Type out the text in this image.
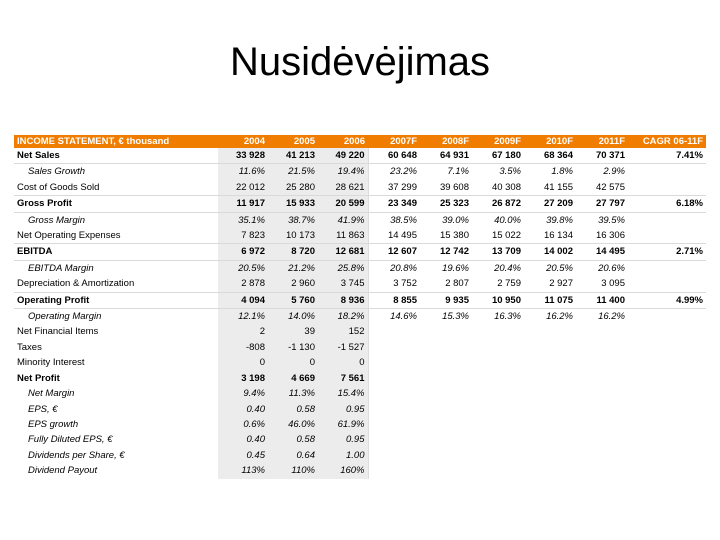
Nusidėvėjimas
INCOME STATEMENT, € thousand	2004	2005	2006	2007F	2008F	2009F	2010F	2011F	CAGR 06-11F
Net Sales	33 928	41 213	49 220	60 648	64 931	67 180	68 364	70 371	7.41%
Sales Growth	11.6%	21.5%	19.4%	23.2%	7.1%	3.5%	1.8%	2.9%	
Cost of Goods Sold	22 012	25 280	28 621	37 299	39 608	40 308	41 155	42 575	
Gross Profit	11 917	15 933	20 599	23 349	25 323	26 872	27 209	27 797	6.18%
Gross Margin	35.1%	38.7%	41.9%	38.5%	39.0%	40.0%	39.8%	39.5%	
Net Operating Expenses	7 823	10 173	11 863	14 495	15 380	15 022	16 134	16 306	
EBITDA	6 972	8 720	12 681	12 607	12 742	13 709	14 002	14 495	2.71%
EBITDA Margin	20.5%	21.2%	25.8%	20.8%	19.6%	20.4%	20.5%	20.6%	
Depreciation & Amortization	2 878	2 960	3 745	3 752	2 807	2 759	2 927	3 095	
Operating Profit	4 094	5 760	8 936	8 855	9 935	10 950	11 075	11 400	4.99%
Operating Margin	12.1%	14.0%	18.2%	14.6%	15.3%	16.3%	16.2%	16.2%	
Net Financial Items	2	39	152						
Taxes	-808	-1 130	-1 527						
Minority Interest	0	0	0						
Net Profit	3 198	4 669	7 561						
Net Margin	9.4%	11.3%	15.4%						
EPS, €	0.40	0.58	0.95						
EPS growth	0.6%	46.0%	61.9%						
Fully Diluted EPS, €	0.40	0.58	0.95						
Dividends per Share, €	0.45	0.64	1.00						
Dividend Payout	113%	110%	160%						
